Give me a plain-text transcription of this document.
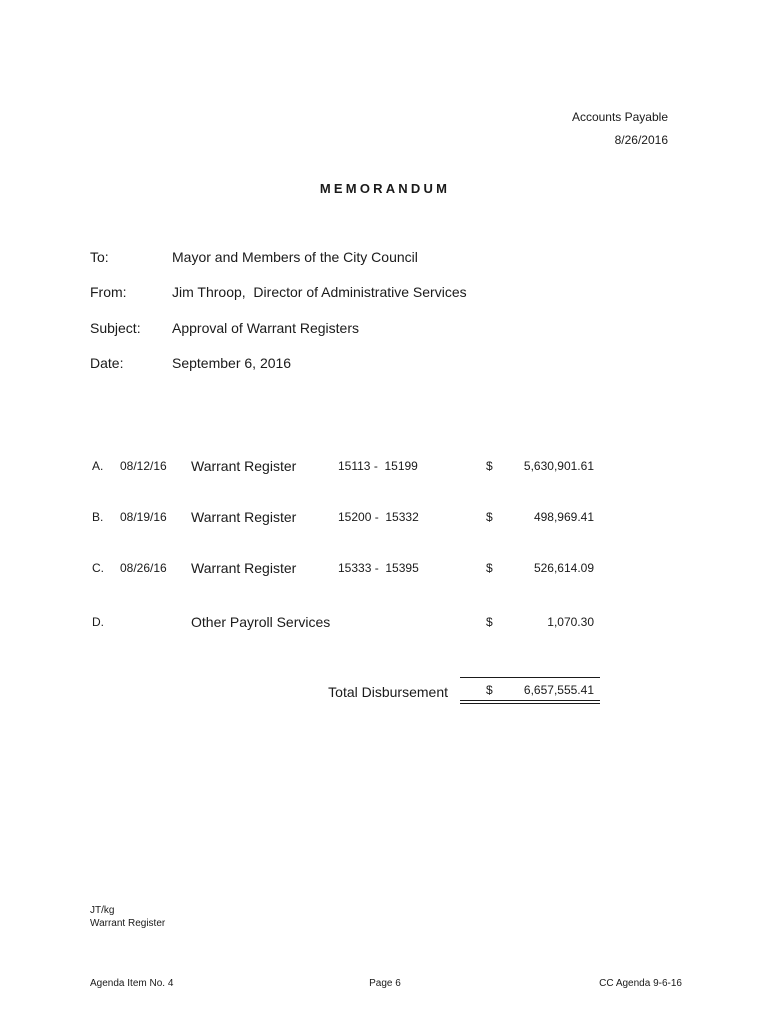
Accounts Payable
8/26/2016
MEMORANDUM
To:	Mayor and Members of the City Council
From:	Jim Throop,  Director of Administrative Services
Subject: Approval of Warrant Registers
Date:	September 6, 2016
A. 08/12/16 Warrant Register	15113 -  15199	$	5,630,901.61
B. 08/19/16 Warrant Register	15200 -  15332	$	498,969.41
C. 08/26/16 Warrant Register	15333 -  15395	$	526,614.09
D.	Other Payroll Services	$	1,070.30
Total Disbursement	$	6,657,555.41
JT/kg
Warrant Register
Agenda Item No. 4	Page 6	CC Agenda 9-6-16
